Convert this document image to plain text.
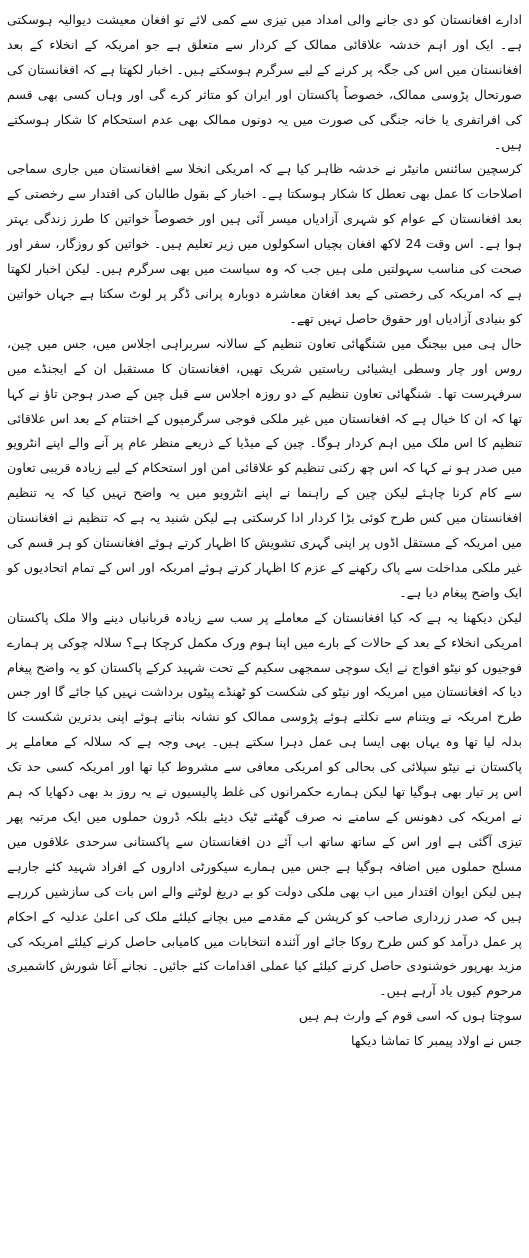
ادارے افغانستان کو دی جانے والی امداد میں تیزی سے کمی لائے تو افغان معیشت دیوالیہ ہوسکتی ہے۔ ایک اور اہم خدشہ علاقائی ممالک کے کردار سے متعلق ہے جو امریکہ کے انخلاء کے بعد افغانستان میں اس کی جگہ پر کرنے کے لیے سرگرم ہوسکتے ہیں۔ اخبار لکھتا ہے کہ افغانستان کی صورتحال پڑوسی ممالک، خصوصاً پاکستان اور ایران کو متاثر کرے گی اور وہاں کسی بھی قسم کی افراتفری یا خانہ جنگی کی صورت میں یہ دونوں ممالک بھی عدم استحکام کا شکار ہوسکتے ہیں۔

کرسچین سائنس مانیٹر نے خدشہ ظاہر کیا ہے کہ امریکی انخلا سے افغانستان میں جاری سماجی اصلاحات کا عمل بھی تعطل کا شکار ہوسکتا ہے۔ اخبار کے بقول طالبان کی اقتدار سے رخصتی کے بعد افغانستان کے عوام کو شہری آزادیاں میسر آئی ہیں اور خصوصاً خواتین کا طرز زندگی بہتر ہوا ہے۔ اس وقت 24 لاکھ افغان بچیاں اسکولوں میں زیر تعلیم ہیں۔ خواتین کو روزگار، سفر اور صحت کی مناسب سہولتیں ملی ہیں جب کہ وہ سیاست میں بھی سرگرم ہیں۔ لیکن اخبار لکھتا ہے کہ امریکہ کی رخصتی کے بعد افغان معاشرہ دوبارہ پرانی ڈگر پر لوٹ سکتا ہے جہاں خواتین کو بنیادی آزادیاں اور حقوق حاصل نہیں تھے۔

حال ہی میں بیجنگ میں شنگھائی تعاون تنظیم کے سالانہ سربراہی اجلاس میں، جس میں چین، روس اور چار وسطی ایشیائی ریاستیں شریک تھیں، افغانستان کا مستقبل ان کے ایجنڈے میں سرفہرست تھا۔ شنگھائی تعاون تنظیم کے دو روزہ اجلاس سے قبل چین کے صدر ہوجن تاؤ نے کہا تھا کہ ان کا خیال ہے کہ افغانستان میں غیر ملکی فوجی سرگرمیوں کے اختتام کے بعد اس علاقائی تنظیم کا اس ملک میں اہم کردار ہوگا۔ چین کے میڈیا کے ذریعے منظر عام پر آنے والے اپنے انٹرویو میں صدر ہو نے کہا کہ اس چھ رکنی تنظیم کو علاقائی امن اور استحکام کے لیے زیادہ قریبی تعاون سے کام کرنا چاہئے لیکن چین کے راہنما نے اپنے انٹرویو میں یہ واضح نہیں کیا کہ یہ تنظیم افغانستان میں کس طرح کوئی بڑا کردار ادا کرسکتی ہے لیکن شنید یہ ہے کہ تنظیم نے افغانستان میں امریکہ کے مستقل اڈوں پر اپنی گہری تشویش کا اظہار کرتے ہوئے افغانستان کو ہر قسم کی غیر ملکی مداخلت سے پاک رکھنے کے عزم کا اظہار کرتے ہوئے امریکہ اور اس کے تمام اتحادیوں کو ایک واضح پیغام دیا ہے۔

لیکن دیکھنا یہ ہے کہ کیا افغانستان کے معاملے پر سب سے زیادہ قربانیاں دینے والا ملک پاکستان امریکی انخلاء کے بعد کے حالات کے بارے میں اپنا ہوم ورک مکمل کرچکا ہے؟ سلالہ چوکی پر ہمارے فوجیوں کو نیٹو افواج نے ایک سوچی سمجھی سکیم کے تحت شہید کرکے پاکستان کو یہ واضح پیغام دیا کہ افغانستان میں امریکہ اور نیٹو کی شکست کو ٹھنڈے پیٹوں برداشت نہیں کیا جائے گا اور جس طرح امریکہ نے ویتنام سے نکلتے ہوئے پڑوسی ممالک کو نشانہ بناتے ہوئے اپنی بدترین شکست کا بدلہ لیا تھا وہ یہاں بھی ایسا ہی عمل دہرا سکتے ہیں۔ یہی وجہ ہے کہ سلالہ کے معاملے پر پاکستان نے نیٹو سپلائی کی بحالی کو امریکی معافی سے مشروط کیا تھا اور امریکہ کسی حد تک اس پر تیار بھی ہوگیا تھا لیکن ہمارے حکمرانوں کی غلط پالیسیوں نے یہ روز بد بھی دکھایا کہ ہم نے امریکہ کی دھونس کے سامنے نہ صرف گھٹنے ٹیک دیئے بلکہ ڈرون حملوں میں ایک مرتبہ پھر تیزی آگئی ہے اور اس کے ساتھ ساتھ اب آئے دن افغانستان سے پاکستانی سرحدی علاقوں میں مسلح حملوں میں اضافہ ہوگیا ہے جس میں ہمارے سیکورٹی اداروں کے افراد شہید کئے جارہے ہیں لیکن ایوان اقتدار میں اب بھی ملکی دولت کو بے دریغ لوٹنے والے اس بات کی سازشیں کررہے ہیں کہ صدر زرداری صاحب کو کرپشن کے مقدمے میں بچانے کیلئے ملک کی اعلیٰ عدلیہ کے احکام پر عمل درآمد کو کس طرح روکا جائے اور آئندہ انتخابات میں کامیابی حاصل کرنے کیلئے امریکہ کی مزید بھرپور خوشنودی حاصل کرنے کیلئے کیا عملی اقدامات کئے جائیں۔ نجانے آغا شورش کاشمیری مرحوم کیوں یاد آرہے ہیں۔

سوچتا ہوں کہ اسی قوم کے وارث ہم ہیں

جس نے اولاد پیمبر کا تماشا دیکھا
